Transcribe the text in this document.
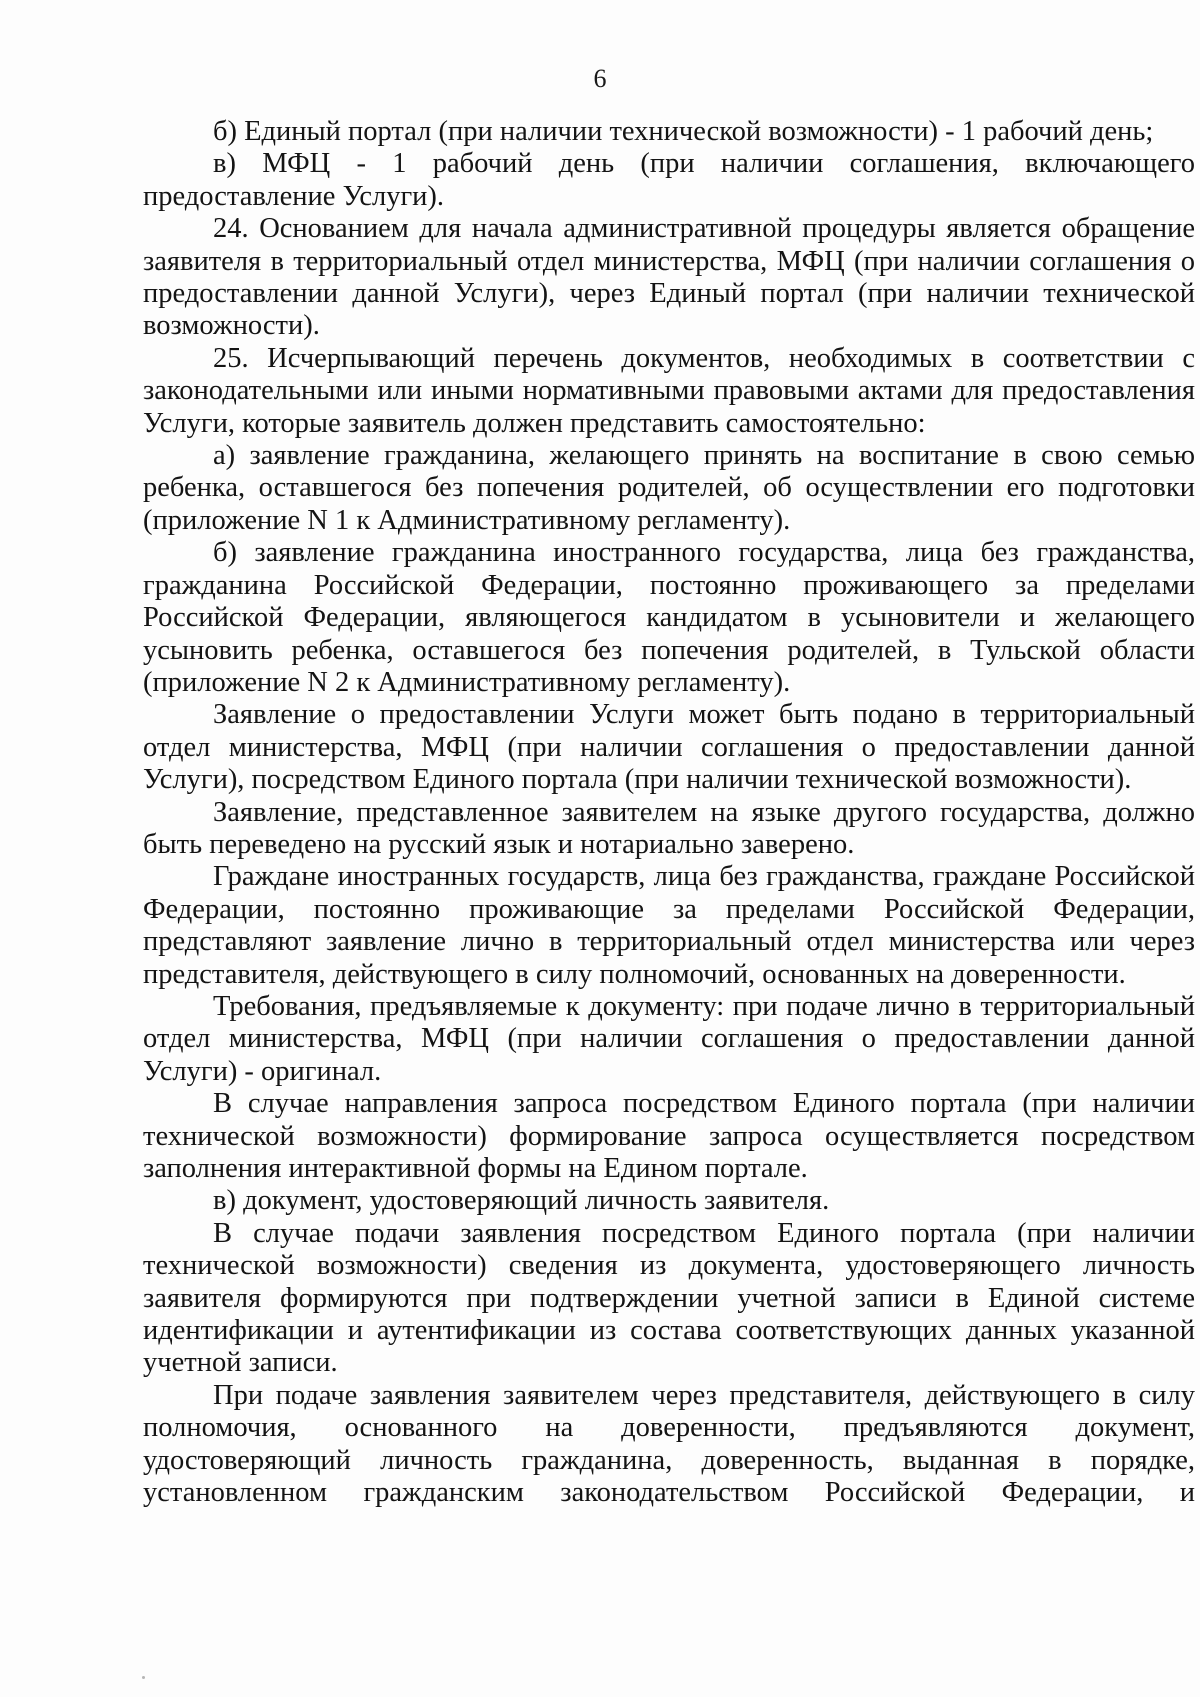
6

б) Единый портал (при наличии технической возможности) - 1 рабочий день;

в) МФЦ - 1 рабочий день (при наличии соглашения, включающего предоставление Услуги).

24. Основанием для начала административной процедуры является обращение заявителя в территориальный отдел министерства, МФЦ (при наличии соглашения о предоставлении данной Услуги), через Единый портал (при наличии технической возможности).

25. Исчерпывающий перечень документов, необходимых в соответствии с законодательными или иными нормативными правовыми актами для предоставления Услуги, которые заявитель должен представить самостоятельно:

а) заявление гражданина, желающего принять на воспитание в свою семью ребенка, оставшегося без попечения родителей, об осуществлении его подготовки (приложение N 1 к Административному регламенту).

б) заявление гражданина иностранного государства, лица без гражданства, гражданина Российской Федерации, постоянно проживающего за пределами Российской Федерации, являющегося кандидатом в усыновители и желающего усыновить ребенка, оставшегося без попечения родителей, в Тульской области (приложение N 2 к Административному регламенту).

Заявление о предоставлении Услуги может быть подано в территориальный отдел министерства, МФЦ (при наличии соглашения о предоставлении данной Услуги), посредством Единого портала (при наличии технической возможности).

Заявление, представленное заявителем на языке другого государства, должно быть переведено на русский язык и нотариально заверено.

Граждане иностранных государств, лица без гражданства, граждане Российской Федерации, постоянно проживающие за пределами Российской Федерации, представляют заявление лично в территориальный отдел министерства или через представителя, действующего в силу полномочий, основанных на доверенности.

Требования, предъявляемые к документу: при подаче лично в территориальный отдел министерства, МФЦ (при наличии соглашения о предоставлении данной Услуги) - оригинал.

В случае направления запроса посредством Единого портала (при наличии технической возможности) формирование запроса осуществляется посредством заполнения интерактивной формы на Едином портале.

в) документ, удостоверяющий личность заявителя.

В случае подачи заявления посредством Единого портала (при наличии технической возможности) сведения из документа, удостоверяющего личность заявителя формируются при подтверждении учетной записи в Единой системе идентификации и аутентификации из состава соответствующих данных указанной учетной записи.

При подаче заявления заявителем через представителя, действующего в силу полномочия, основанного на доверенности, предъявляются документ, удостоверяющий личность гражданина, доверенность, выданная в порядке, установленном гражданским законодательством Российской Федерации, и
